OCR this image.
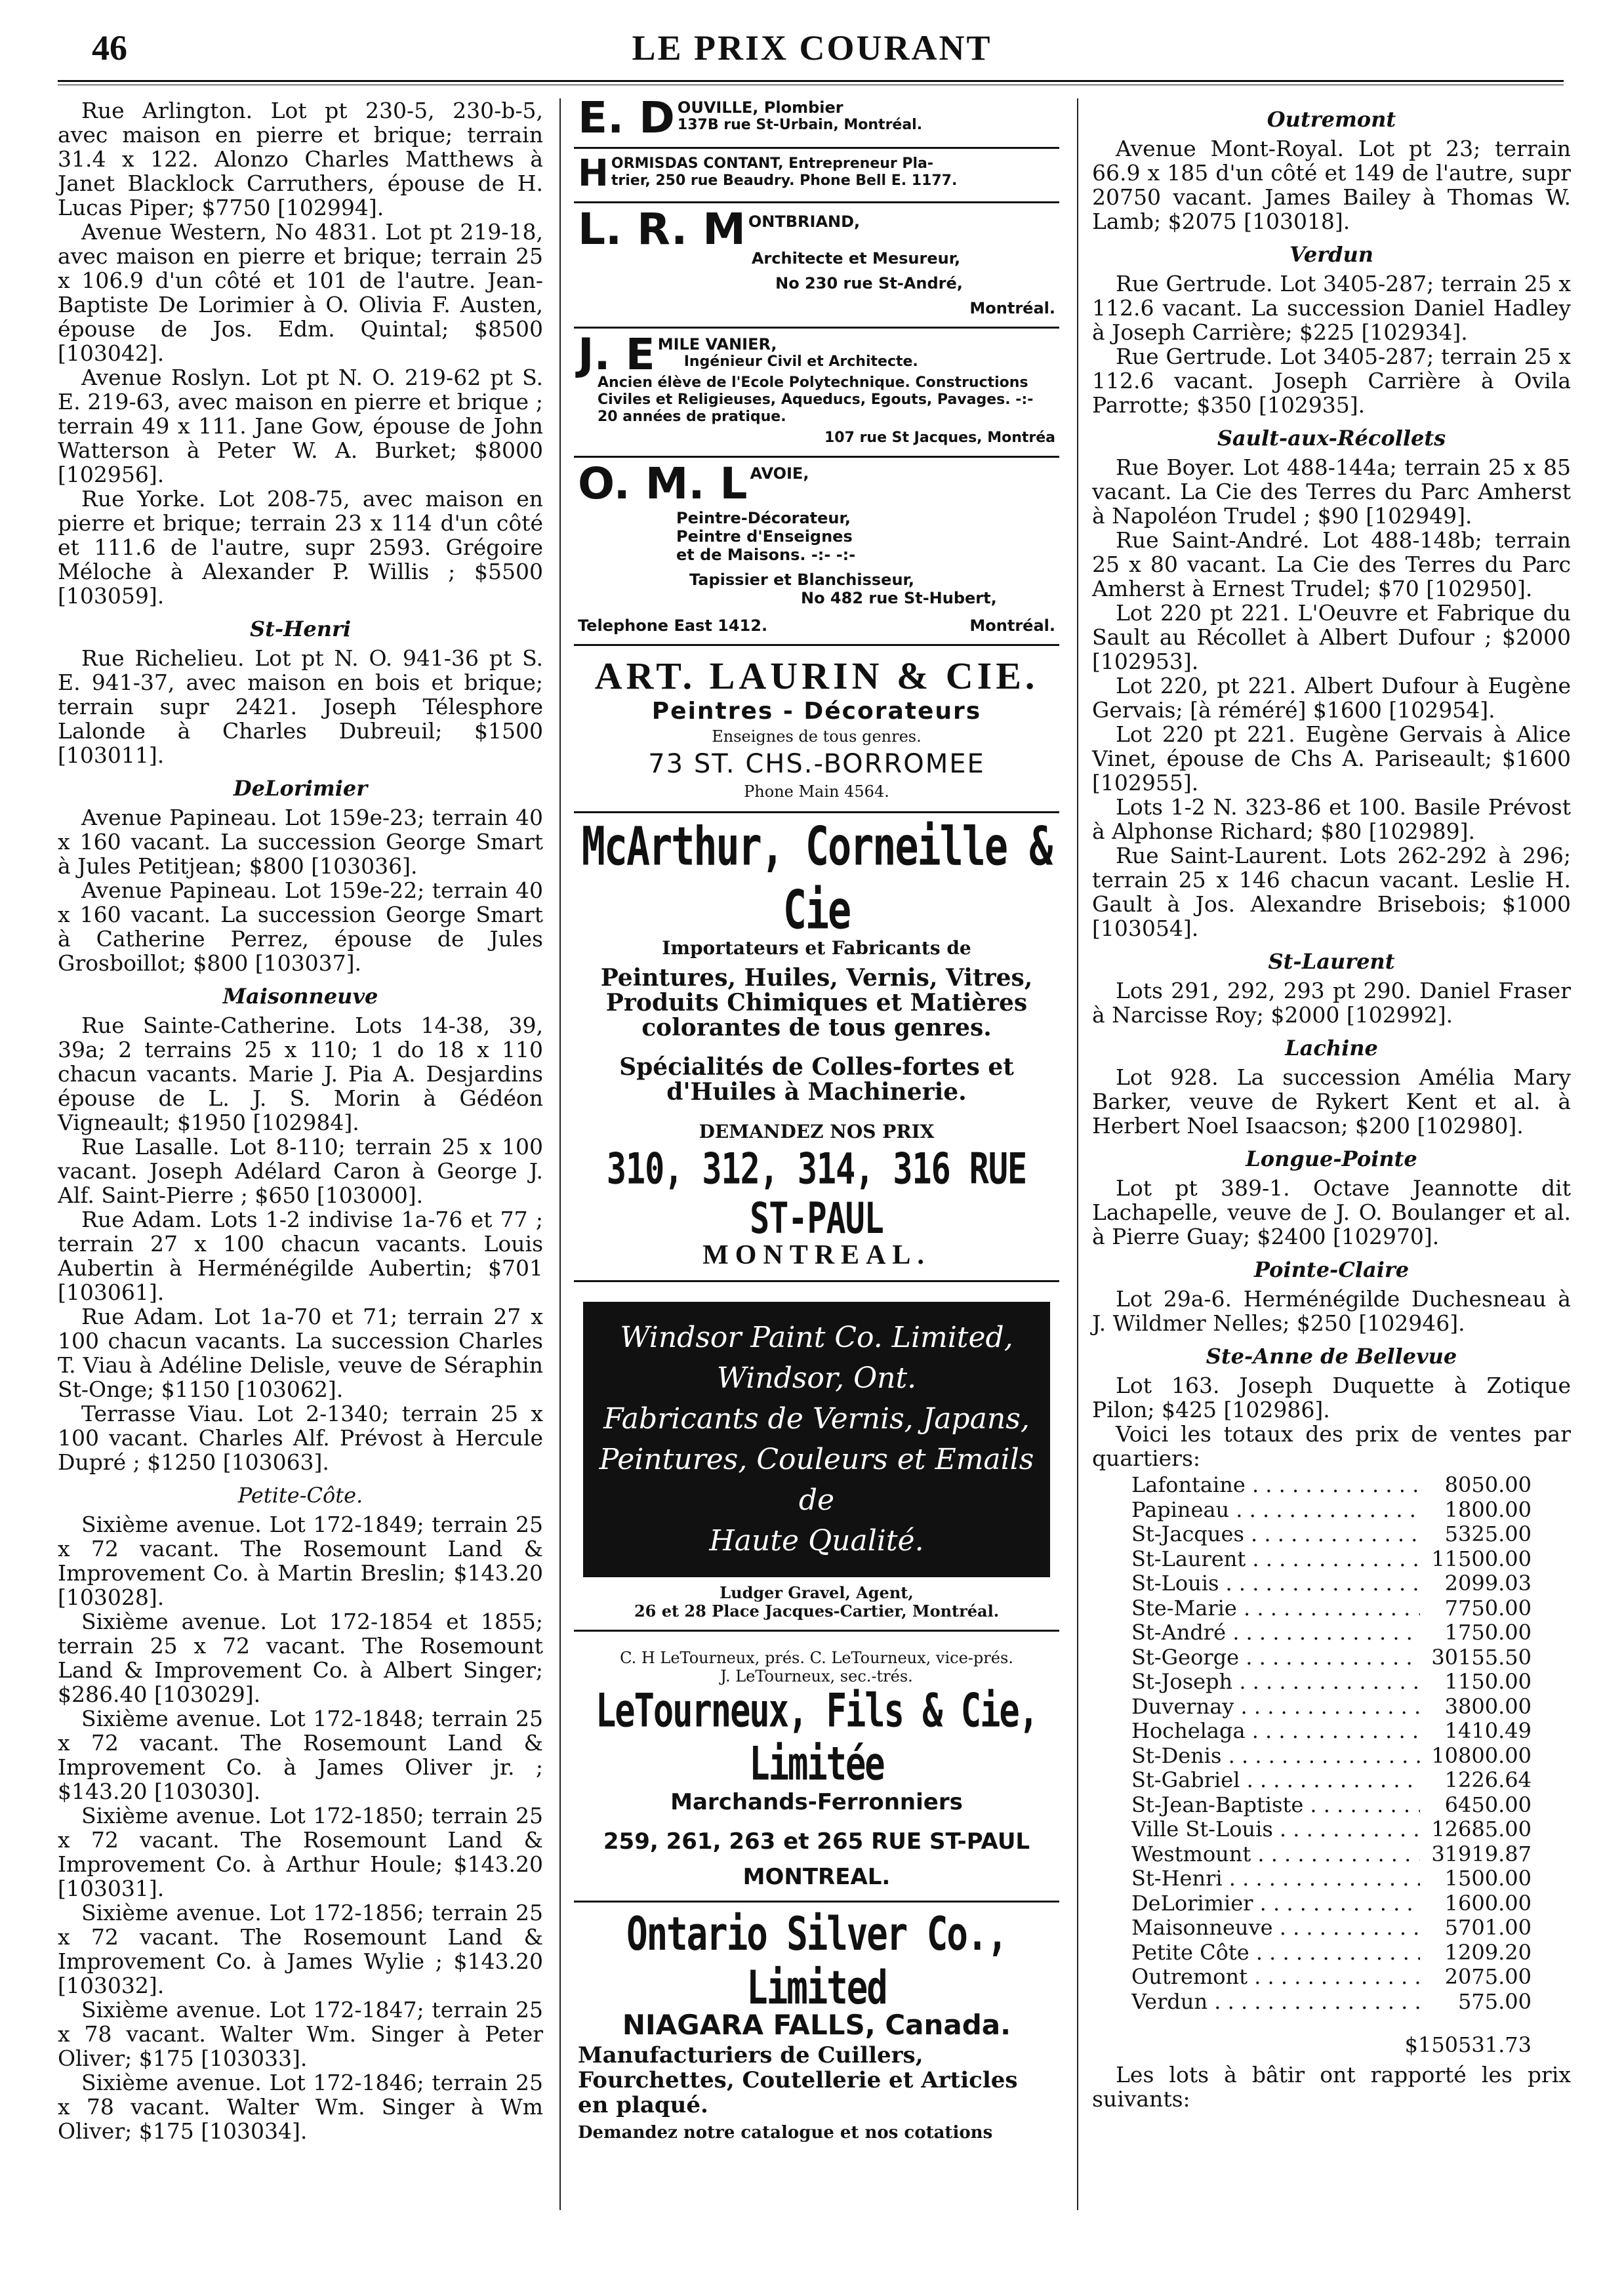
46	LE PRIX COURANT

Rue Arlington. Lot pt 230-5, 230-b-5, avec maison en pierre et brique; terrain 31.4 x 122. Alonzo Charles Matthews à Janet Blacklock Carruthers, épouse de H. Lucas Piper; $7750 [102994].

Avenue Western, No 4831. Lot pt 219-18, avec maison en pierre et brique; terrain 25 x 106.9 d'un côté et 101 de l'autre. Jean-Baptiste De Lorimier à O. Olivia F. Austen, épouse de Jos. Edm. Quintal; $8500 [103042].

Avenue Roslyn. Lot pt N. O. 219-62 pt S. E. 219-63, avec maison en pierre et brique ; terrain 49 x 111. Jane Gow, épouse de John Watterson à Peter W. A. Burket; $8000 [102956].

Rue Yorke. Lot 208-75, avec maison en pierre et brique; terrain 23 x 114 d'un côté et 111.6 de l'autre, supr 2593. Grégoire Méloche à Alexander P. Willis ; $5500 [103059].

St-Henri

Rue Richelieu. Lot pt N. O. 941-36 pt S. E. 941-37, avec maison en bois et brique; terrain supr 2421. Joseph Télesphore Lalonde à Charles Dubreuil; $1500 [103011].

DeLorimier

Avenue Papineau. Lot 159e-23; terrain 40 x 160 vacant. La succession George Smart à Jules Petitjean; $800 [103036].

Avenue Papineau. Lot 159e-22; terrain 40 x 160 vacant. La succession George Smart à Catherine Perrez, épouse de Jules Grosboillot; $800 [103037].

Maisonneuve

Rue Sainte-Catherine. Lots 14-38, 39, 39a; 2 terrains 25 x 110; 1 do 18 x 110 chacun vacants. Marie J. Pia A. Desjardins épouse de L. J. S. Morin à Gédéon Vigneault; $1950 [102984].

Rue Lasalle. Lot 8-110; terrain 25 x 100 vacant. Joseph Adélard Caron à George J. Alf. Saint-Pierre ; $650 [103000].

Rue Adam. Lots 1-2 indivise 1a-76 et 77 ; terrain 27 x 100 chacun vacants. Louis Aubertin à Herménégilde Aubertin; $701 [103061].

Rue Adam. Lot 1a-70 et 71; terrain 27 x 100 chacun vacants. La succession Charles T. Viau à Adéline Delisle, veuve de Séraphin St-Onge; $1150 [103062].

Terrasse Viau. Lot 2-1340; terrain 25 x 100 vacant. Charles Alf. Prévost à Hercule Dupré ; $1250 [103063].

Petite-Côte.

Sixième avenue. Lot 172-1849; terrain 25 x 72 vacant. The Rosemount Land & Improvement Co. à Martin Breslin; $143.20 [103028].

Sixième avenue. Lot 172-1854 et 1855; terrain 25 x 72 vacant. The Rosemount Land & Improvement Co. à Albert Singer; $286.40 [103029].

Sixième avenue. Lot 172-1848; terrain 25 x 72 vacant. The Rosemount Land & Improvement Co. à James Oliver jr. ; $143.20 [103030].

Sixième avenue. Lot 172-1850; terrain 25 x 72 vacant. The Rosemount Land & Improvement Co. à Arthur Houle; $143.20 [103031].

Sixième avenue. Lot 172-1856; terrain 25 x 72 vacant. The Rosemount Land & Improvement Co. à James Wylie ; $143.20 [103032].

Sixième avenue. Lot 172-1847; terrain 25 x 78 vacant. Walter Wm. Singer à Peter Oliver; $175 [103033].

Sixième avenue. Lot 172-1846; terrain 25 x 78 vacant. Walter Wm. Singer à Wm Oliver; $175 [103034].

E. D OUVILLE, Plombier
137B rue St-Urbain, Montréal.
H ORMISDAS CONTANT, Entrepreneur Pla-
trier, 250 rue Beaudry. Phone Bell E. 1177.
L. R. M ONTBRIAND,
Architecte et Mesureur,
No 230 rue St-André,
Montréal.
J. E MILE VANIER,
Ingénieur Civil et Architecte.
Ancien élève de l'Ecole Polytechnique. Constructions Civiles et Religieuses, Aqueducs, Egouts, Pavages. -:- 20 années de pratique.
107 rue St Jacques, Montréa
O. M. L AVOIE,
Peintre-Décorateur,
Peintre d'Enseignes
et de Maisons. -:- -:-
Tapissier et Blanchisseur,
No 482 rue St-Hubert,
Telephone East 1412.	Montréal.
ART. LAURIN & CIE.
Peintres - Décorateurs
Enseignes de tous genres.
73 ST. CHS.-BORROMEE
Phone Main 4564.
McArthur, Corneille & Cie
Importateurs et Fabricants de
Peintures, Huiles, Vernis, Vitres, Produits Chimiques et Matières colorantes de tous genres.
Spécialités de Colles-fortes et d'Huiles à Machinerie.
DEMANDEZ NOS PRIX
310, 312, 314, 316 RUE ST-PAUL
MONTREAL.
Windsor Paint Co. Limited,
Windsor, Ont.
Fabricants de Vernis, Japans,
Peintures, Couleurs et Emails de
Haute Qualité.
Ludger Gravel, Agent,
26 et 28 Place Jacques-Cartier, Montréal.
C. H LeTourneux, prés. C. LeTourneux, vice-prés.
J. LeTourneux, sec.-trés.
LeTourneux, Fils & Cie, Limitée
Marchands-Ferronniers
259, 261, 263 et 265 RUE ST-PAUL
MONTREAL.
Ontario Silver Co., Limited
NIAGARA FALLS, Canada.
Manufacturiers de Cuillers, Fourchettes, Coutellerie et Articles en plaqué.
Demandez notre catalogue et nos cotations
Outremont

Avenue Mont-Royal. Lot pt 23; terrain 66.9 x 185 d'un côté et 149 de l'autre, supr 20750 vacant. James Bailey à Thomas W. Lamb; $2075 [103018].

Verdun

Rue Gertrude. Lot 3405-287; terrain 25 x 112.6 vacant. La succession Daniel Hadley à Joseph Carrière; $225 [102934].

Rue Gertrude. Lot 3405-287; terrain 25 x 112.6 vacant. Joseph Carrière à Ovila Parrotte; $350 [102935].

Sault-aux-Récollets

Rue Boyer. Lot 488-144a; terrain 25 x 85 vacant. La Cie des Terres du Parc Amherst à Napoléon Trudel ; $90 [102949].

Rue Saint-André. Lot 488-148b; terrain 25 x 80 vacant. La Cie des Terres du Parc Amherst à Ernest Trudel; $70 [102950].

Lot 220 pt 221. L'Oeuvre et Fabrique du Sault au Récollet à Albert Dufour ; $2000 [102953].

Lot 220, pt 221. Albert Dufour à Eugène Gervais; [à réméré] $1600 [102954].

Lot 220 pt 221. Eugène Gervais à Alice Vinet, épouse de Chs A. Pariseault; $1600 [102955].

Lots 1-2 N. 323-86 et 100. Basile Prévost à Alphonse Richard; $80 [102989].

Rue Saint-Laurent. Lots 262-292 à 296; terrain 25 x 146 chacun vacant. Leslie H. Gault à Jos. Alexandre Brisebois; $1000 [103054].

St-Laurent

Lots 291, 292, 293 pt 290. Daniel Fraser à Narcisse Roy; $2000 [102992].

Lachine

Lot 928. La succession Amélia Mary Barker, veuve de Rykert Kent et al. à Herbert Noel Isaacson; $200 [102980].

Longue-Pointe

Lot pt 389-1. Octave Jeannotte dit Lachapelle, veuve de J. O. Boulanger et al. à Pierre Guay; $2400 [102970].

Pointe-Claire

Lot 29a-6. Herménégilde Duchesneau à J. Wildmer Nelles; $250 [102946].

Ste-Anne de Bellevue

Lot 163. Joseph Duquette à Zotique Pilon; $425 [102986].

Voici les totaux des prix de ventes par quartiers:

Lafontaine . . .	8050.00
Papineau . . .	1800.00
St-Jacques . . .	5325.00
St-Laurent . . .	11500.00
St-Louis . . .	2099.03
Ste-Marie . . .	7750.00
St-André . . .	1750.00
St-George . . .	30155.50
St-Joseph . . .	1150.00
Duvernay . . .	3800.00
Hochelaga . . .	1410.49
St-Denis . . .	10800.00
St-Gabriel . . .	1226.64
St-Jean-Baptiste . . .	6450.00
Ville St-Louis . . .	12685.00
Westmount . . .	31919.87
St-Henri . . .	1500.00
DeLorimier . . .	1600.00
Maisonneuve . . .	5701.00
Petite Côte . . .	1209.20
Outremont . . .	2075.00
Verdun . . .	575.00
$150531.73

Les lots à bâtir ont rapporté les prix suivants:
